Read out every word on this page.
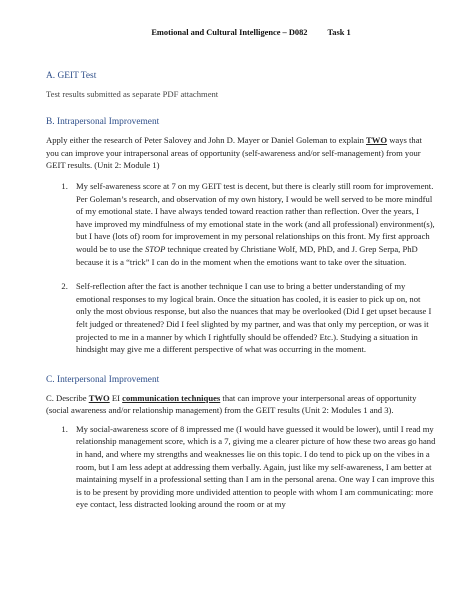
Emotional and Cultural Intelligence – D082 Task 1
A. GEIT Test

Test results submitted as separate PDF attachment

B. Intrapersonal Improvement

Apply either the research of Peter Salovey and John D. Mayer or Daniel Goleman to explain TWO ways that you can improve your intrapersonal areas of opportunity (self-awareness and/or self-management) from your GEIT results. (Unit 2: Module 1)

1. My self-awareness score at 7 on my GEIT test is decent, but there is clearly still room for improvement. Per Goleman’s research, and observation of my own history, I would be well served to be more mindful of my emotional state. I have always tended toward reaction rather than reflection. Over the years, I have improved my mindfulness of my emotional state in the work (and all professional) environment(s), but I have (lots of) room for improvement in my personal relationships on this front. My first approach would be to use the STOP technique created by Christiane Wolf, MD, PhD, and J. Grep Serpa, PhD because it is a “trick” I can do in the moment when the emotions want to take over the situation.
2. Self-reflection after the fact is another technique I can use to bring a better understanding of my emotional responses to my logical brain. Once the situation has cooled, it is easier to pick up on, not only the most obvious response, but also the nuances that may be overlooked (Did I get upset because I felt judged or threatened? Did I feel slighted by my partner, and was that only my perception, or was it projected to me in a manner by which I rightfully should be offended? Etc.). Studying a situation in hindsight may give me a different perspective of what was occurring in the moment.
C. Interpersonal Improvement

C. Describe TWO EI communication techniques that can improve your interpersonal areas of opportunity (social awareness and/or relationship management) from the GEIT results (Unit 2: Modules 1 and 3).

1. My social-awareness score of 8 impressed me (I would have guessed it would be lower), until I read my relationship management score, which is a 7, giving me a clearer picture of how these two areas go hand in hand, and where my strengths and weaknesses lie on this topic. I do tend to pick up on the vibes in a room, but I am less adept at addressing them verbally. Again, just like my self-awareness, I am better at maintaining myself in a professional setting than I am in the personal arena. One way I can improve this is to be present by providing more undivided attention to people with whom I am communicating: more eye contact, less distracted looking around the room or at my
